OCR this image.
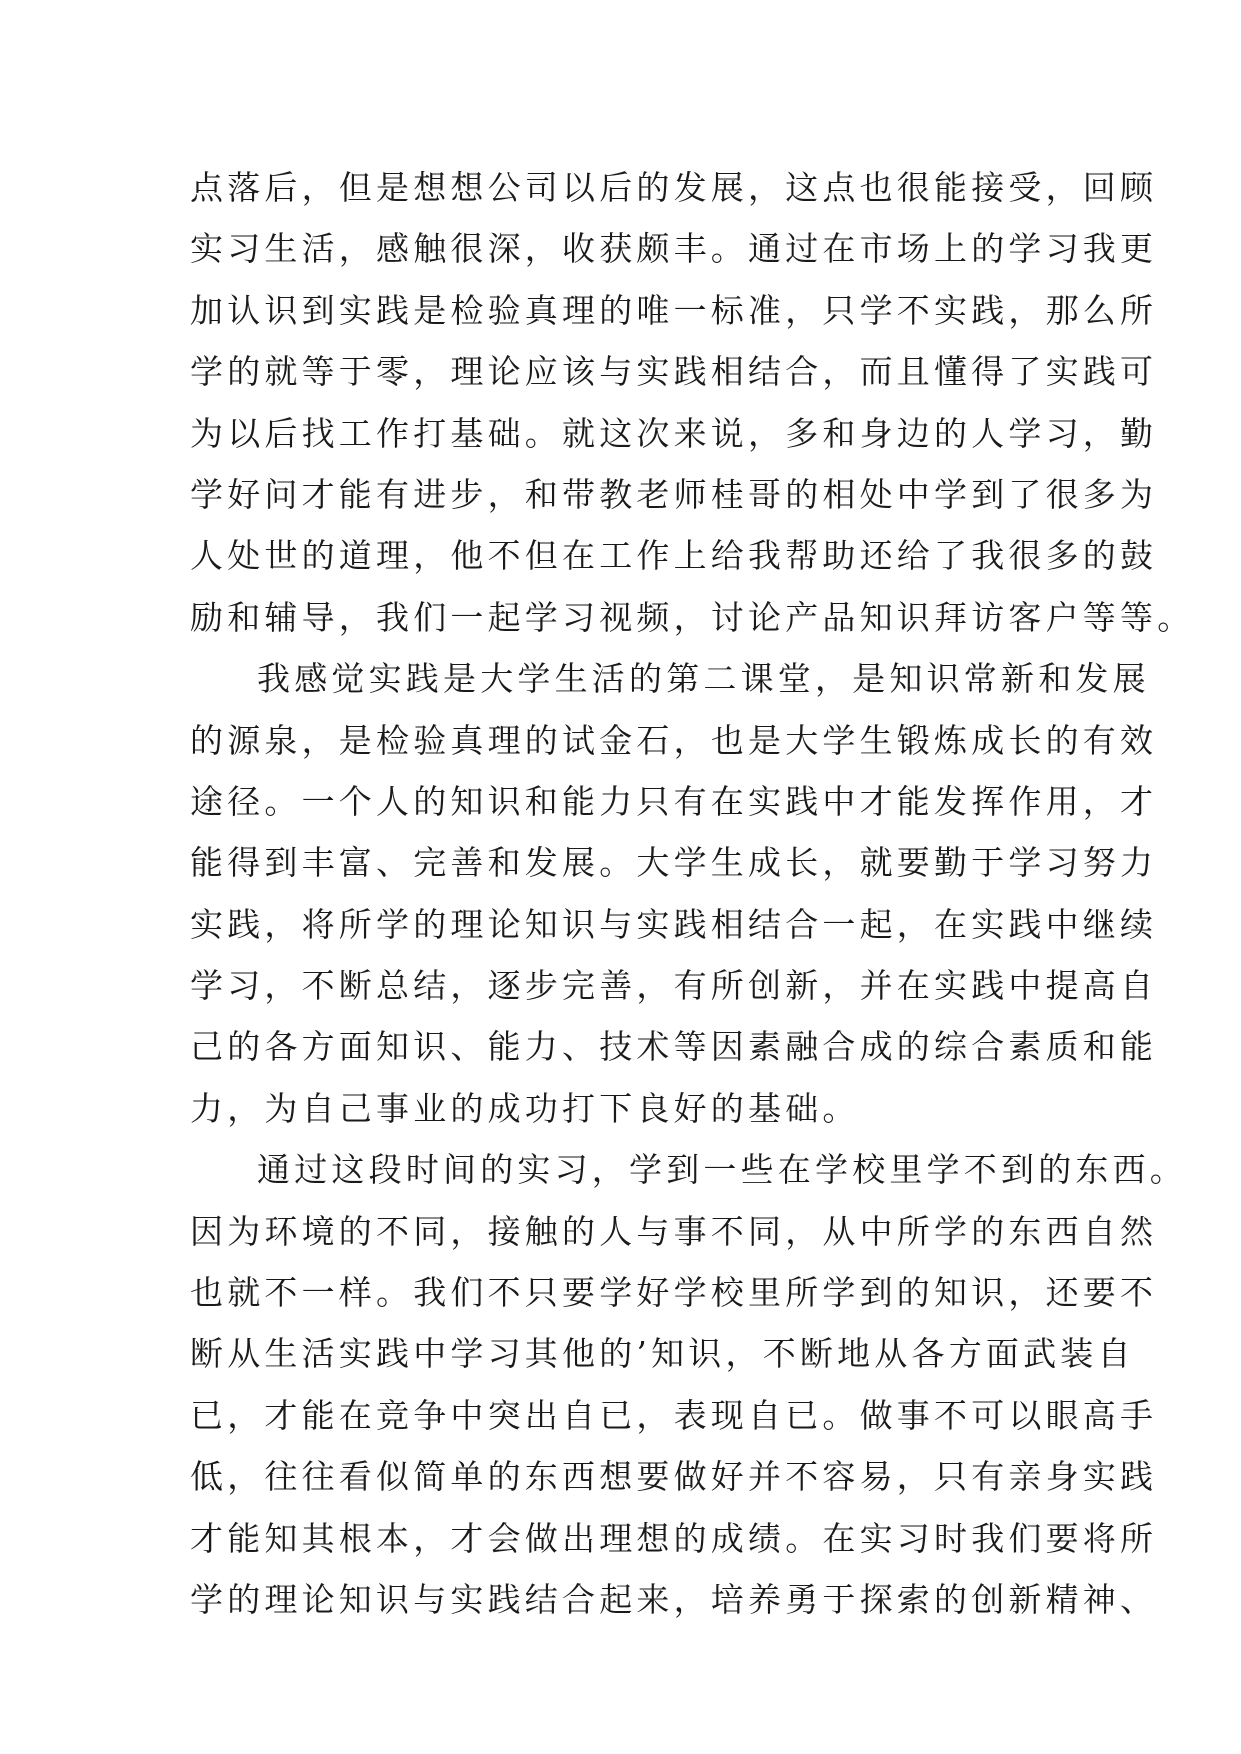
点落后，但是想想公司以后的发展，这点也很能接受，回顾
实习生活，感触很深，收获颇丰。通过在市场上的学习我更
加认识到实践是检验真理的唯一标准，只学不实践，那么所
学的就等于零，理论应该与实践相结合，而且懂得了实践可
为以后找工作打基础。就这次来说，多和身边的人学习，勤
学好问才能有进步，和带教老师桂哥的相处中学到了很多为
人处世的道理，他不但在工作上给我帮助还给了我很多的鼓
励和辅导，我们一起学习视频，讨论产品知识拜访客户等等。
我感觉实践是大学生活的第二课堂，是知识常新和发展
的源泉，是检验真理的试金石，也是大学生锻炼成长的有效
途径。一个人的知识和能力只有在实践中才能发挥作用，才
能得到丰富、完善和发展。大学生成长，就要勤于学习努力
实践，将所学的理论知识与实践相结合一起，在实践中继续
学习，不断总结，逐步完善，有所创新，并在实践中提高自
己的各方面知识、能力、技术等因素融合成的综合素质和能
力，为自己事业的成功打下良好的基础。
通过这段时间的实习，学到一些在学校里学不到的东西。
因为环境的不同，接触的人与事不同，从中所学的东西自然
也就不一样。我们不只要学好学校里所学到的知识，还要不
断从生活实践中学习其他的’知识，不断地从各方面武装自
已，才能在竞争中突出自已，表现自已。做事不可以眼高手
低，往往看似简单的东西想要做好并不容易，只有亲身实践
才能知其根本，才会做出理想的成绩。在实习时我们要将所
学的理论知识与实践结合起来，培养勇于探索的创新精神、
